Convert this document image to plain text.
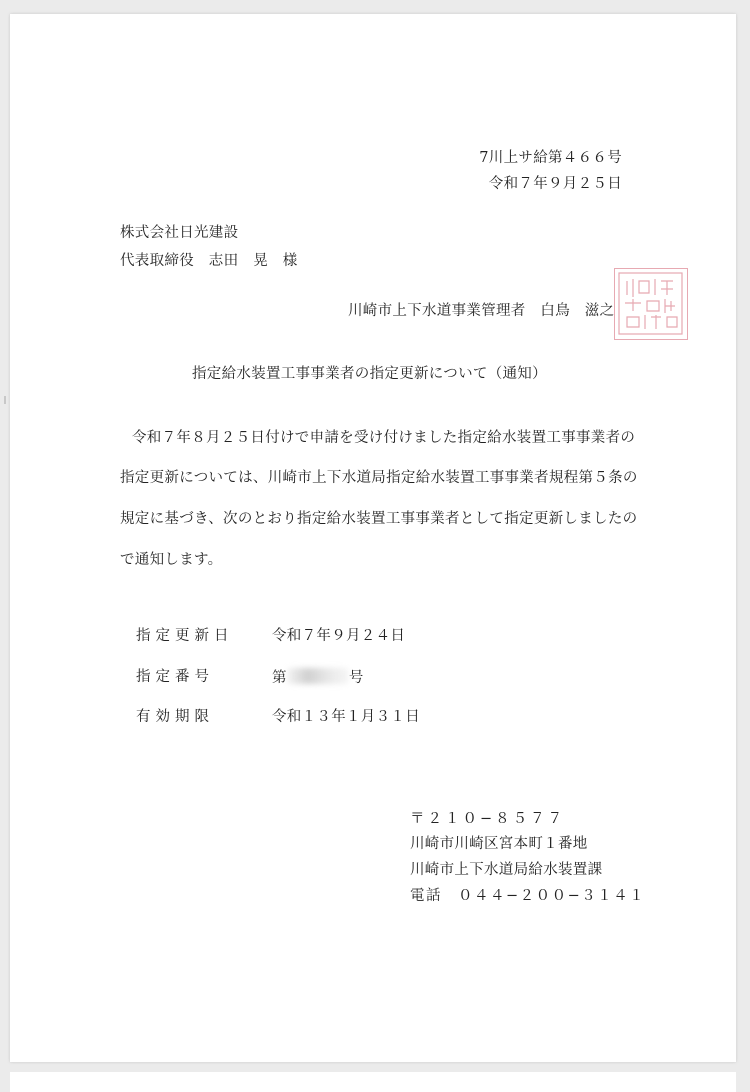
7川上サ給第４６６号
令和７年９月２５日
株式会社日光建設
代表取締役　志田　晃　様
川崎市上下水道事業管理者　白鳥　滋之
指定給水装置工事事業者の指定更新について（通知）
令和７年８月２５日付けで申請を受け付けました指定給水装置工事事業者の
指定更新については、川崎市上下水道局指定給水装置工事事業者規程第５条の
規定に基づき、次のとおり指定給水装置工事事業者として指定更新しましたの
で通知します。
指定更新日	令和７年９月２４日
指定番号	第	号
有効期限	令和１３年１月３１日
〒２１０−８５７７
川崎市川崎区宮本町１番地
川崎市上下水道局給水装置課
電話　０４４−２００−３１４１
